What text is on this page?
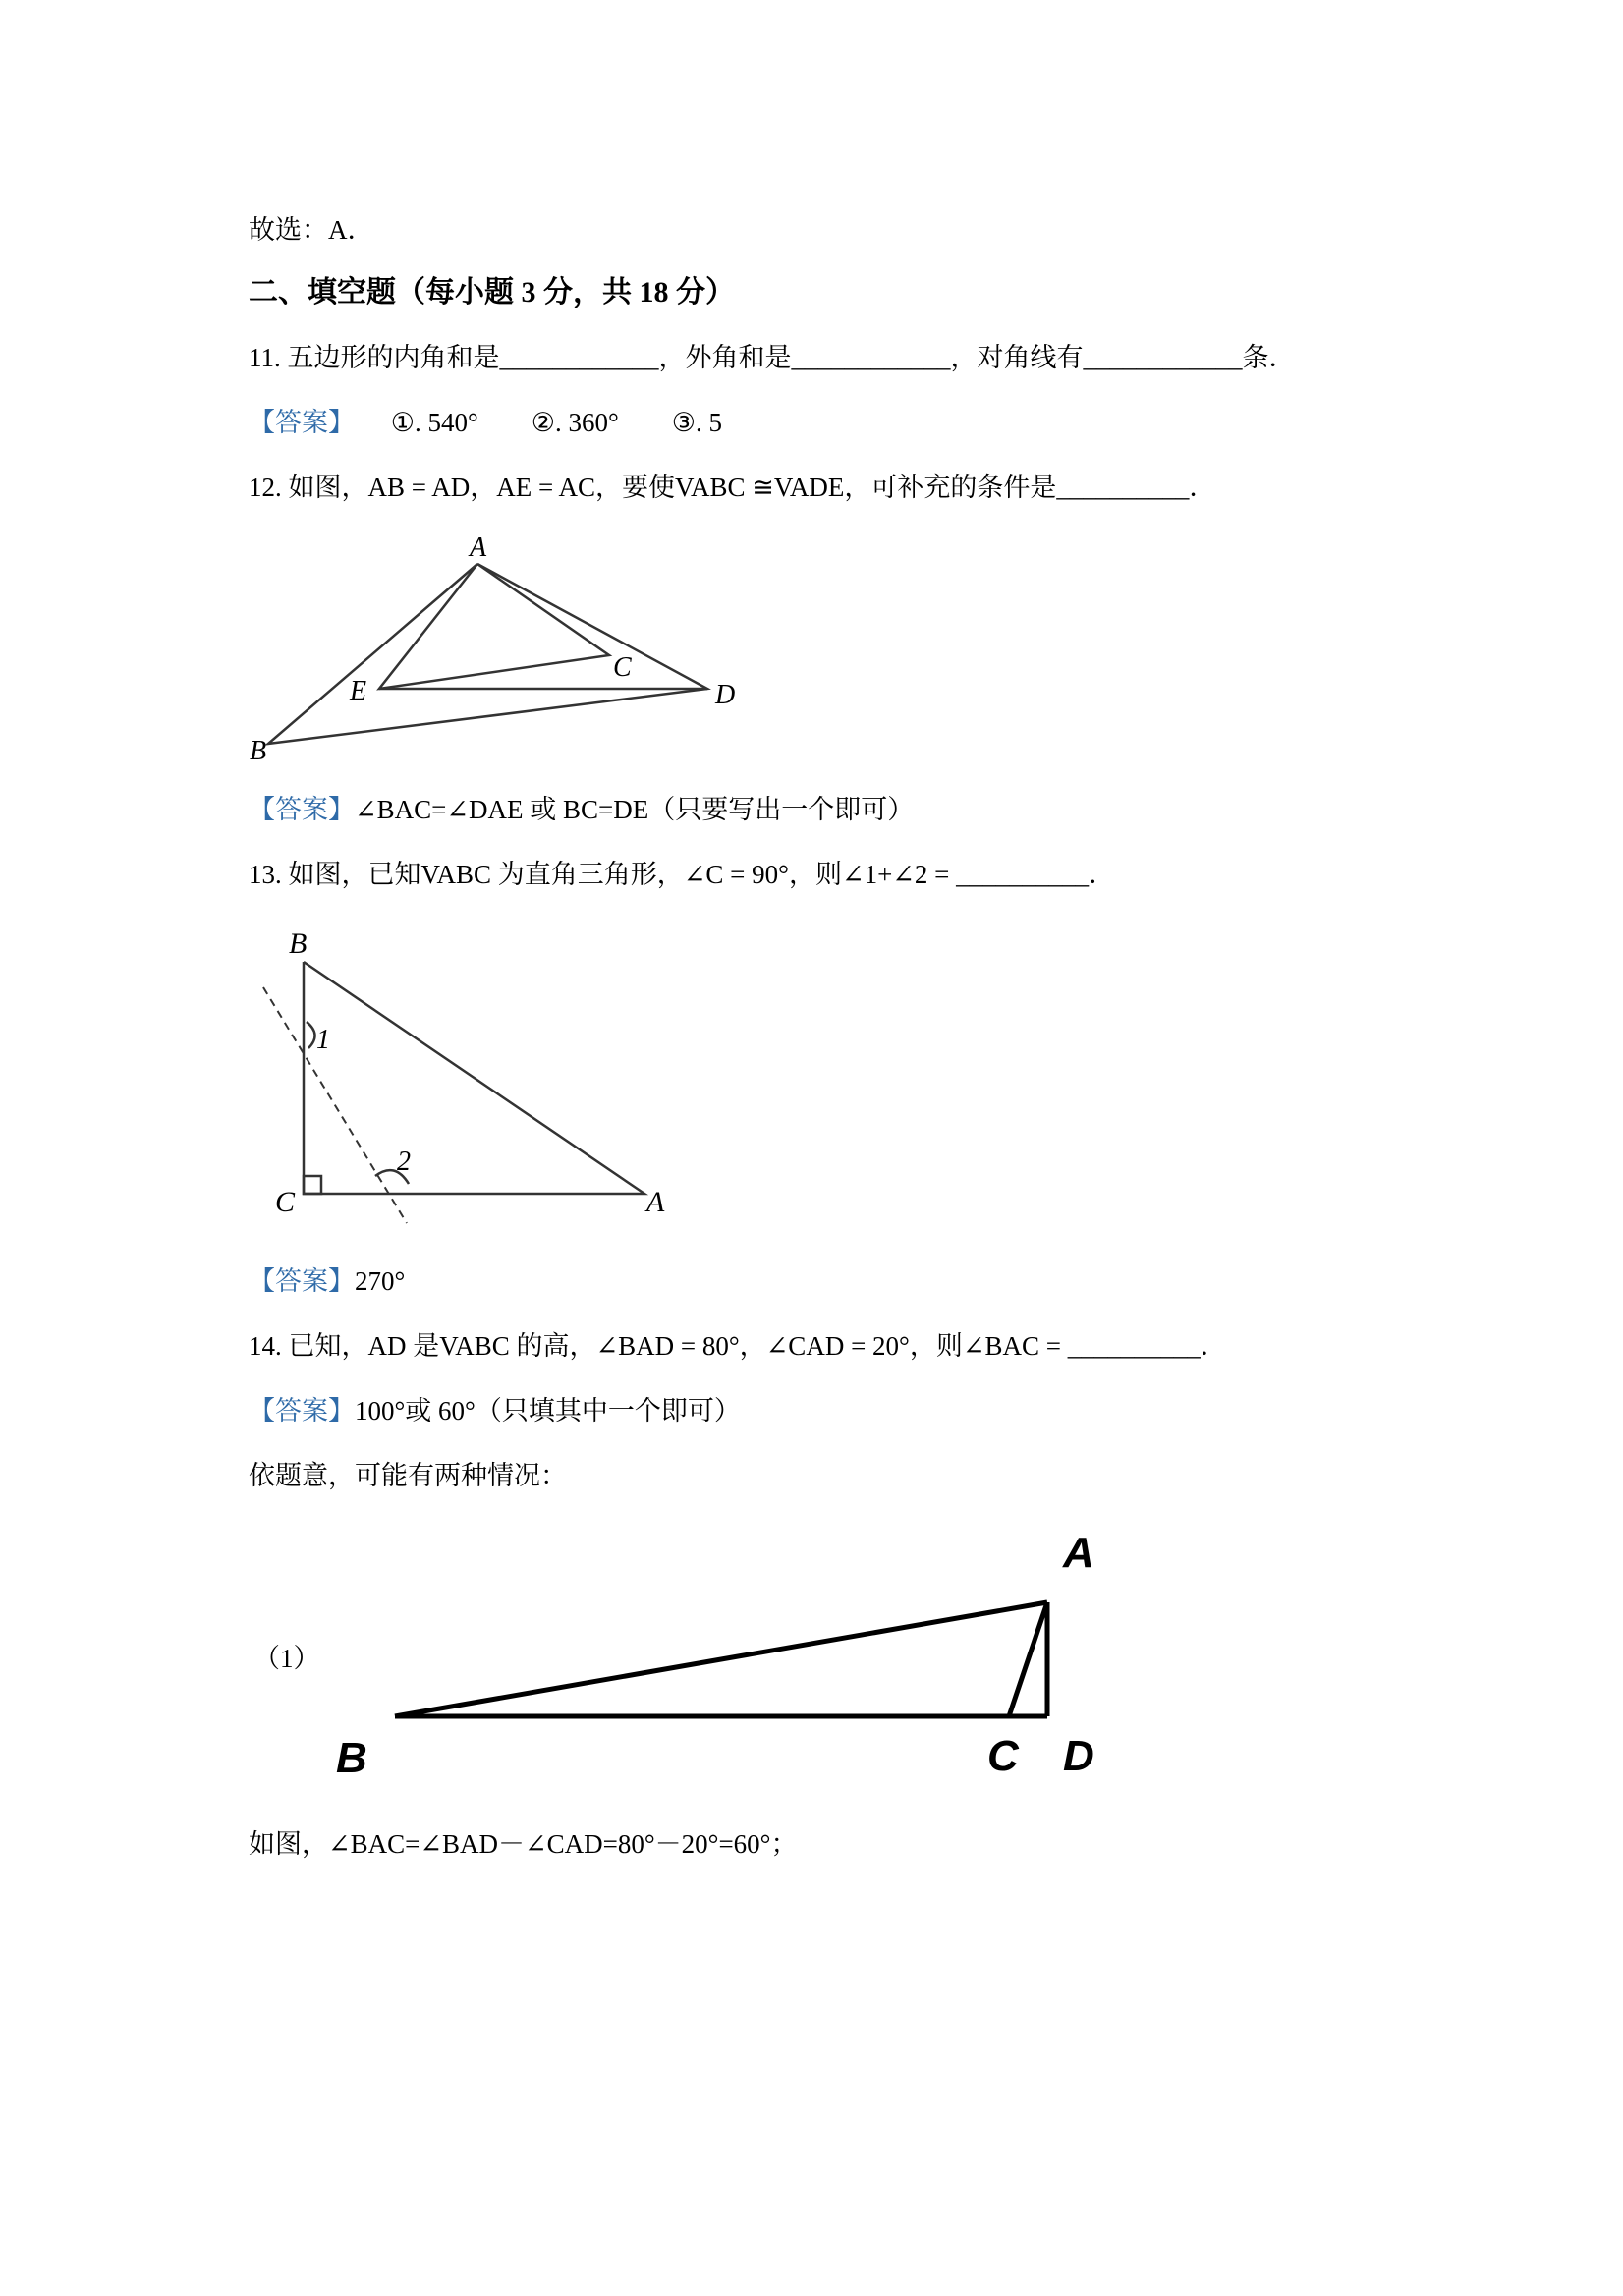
故选：A．
二、填空题（每小题 3 分，共 18 分）
11. 五边形的内角和是____________，外角和是____________，对角线有____________条．
【答案】 ①. 540°　　②. 360°　　③. 5
12. 如图，AB = AD，AE = AC，要使VABC ≅VADE，可补充的条件是__________．
A
B
C
D
E
【答案】∠BAC=∠DAE 或 BC=DE（只要写出一个即可）
13. 如图，已知VABC 为直角三角形，∠C = 90°，则∠1+∠2 = __________．
B
C	A
1
2
【答案】270°
14. 已知，AD 是VABC 的高，∠BAD = 80°，∠CAD = 20°，则∠BAC = __________．
【答案】100°或 60°（只填其中一个即可）
依题意，可能有两种情况：
（1）
A
B	C D
如图，∠BAC=∠BAD－∠CAD=80°－20°=60°；
